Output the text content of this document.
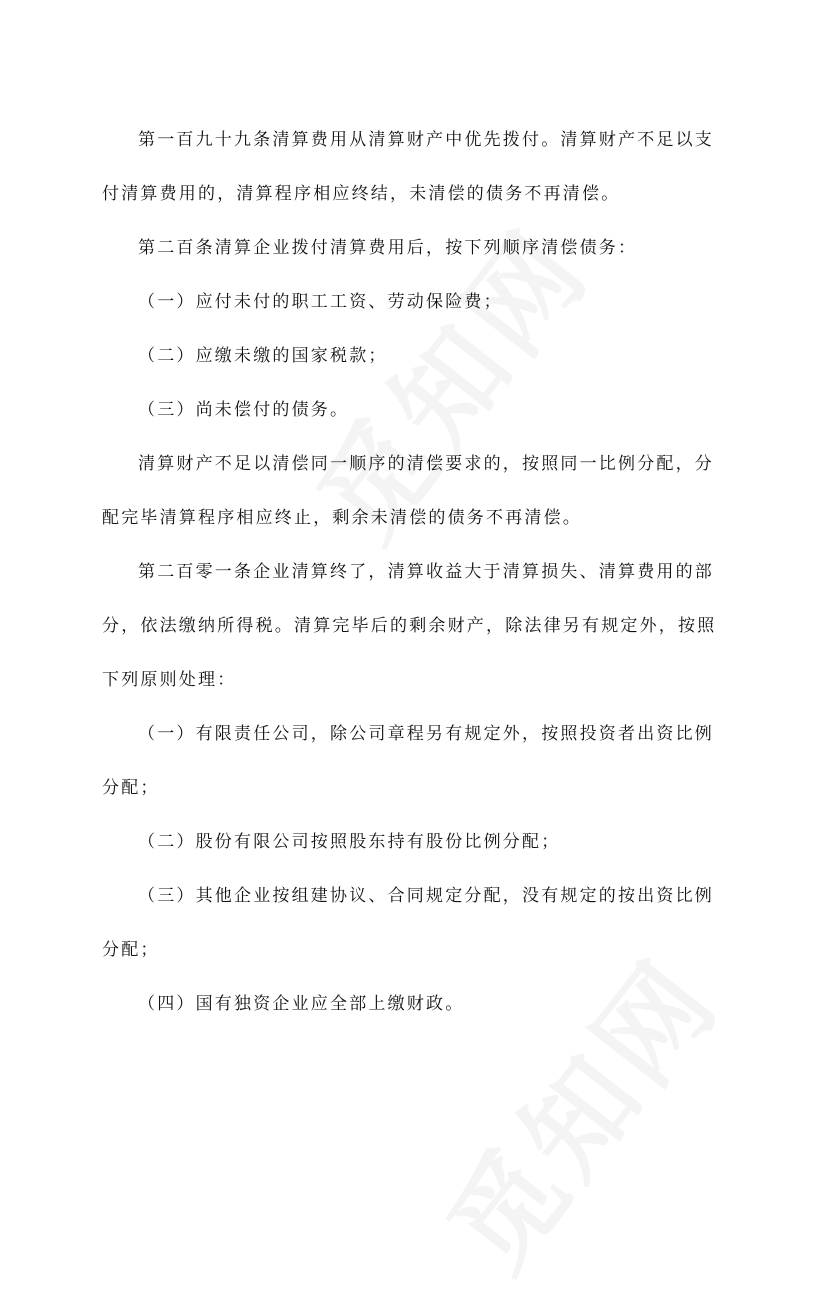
第一百九十九条清算费用从清算财产中优先拨付。清算财产不足以支
付清算费用的，清算程序相应终结，未清偿的债务不再清偿。
第二百条清算企业拨付清算费用后，按下列顺序清偿债务：
（一）应付未付的职工工资、劳动保险费；
（二）应缴未缴的国家税款；
（三）尚未偿付的债务。
清算财产不足以清偿同一顺序的清偿要求的，按照同一比例分配，分
配完毕清算程序相应终止，剩余未清偿的债务不再清偿。
第二百零一条企业清算终了，清算收益大于清算损失、清算费用的部
分，依法缴纳所得税。清算完毕后的剩余财产，除法律另有规定外，按照
下列原则处理：
（一）有限责任公司，除公司章程另有规定外，按照投资者出资比例
分配；
（二）股份有限公司按照股东持有股份比例分配；
（三）其他企业按组建协议、合同规定分配，没有规定的按出资比例
分配；
（四）国有独资企业应全部上缴财政。
